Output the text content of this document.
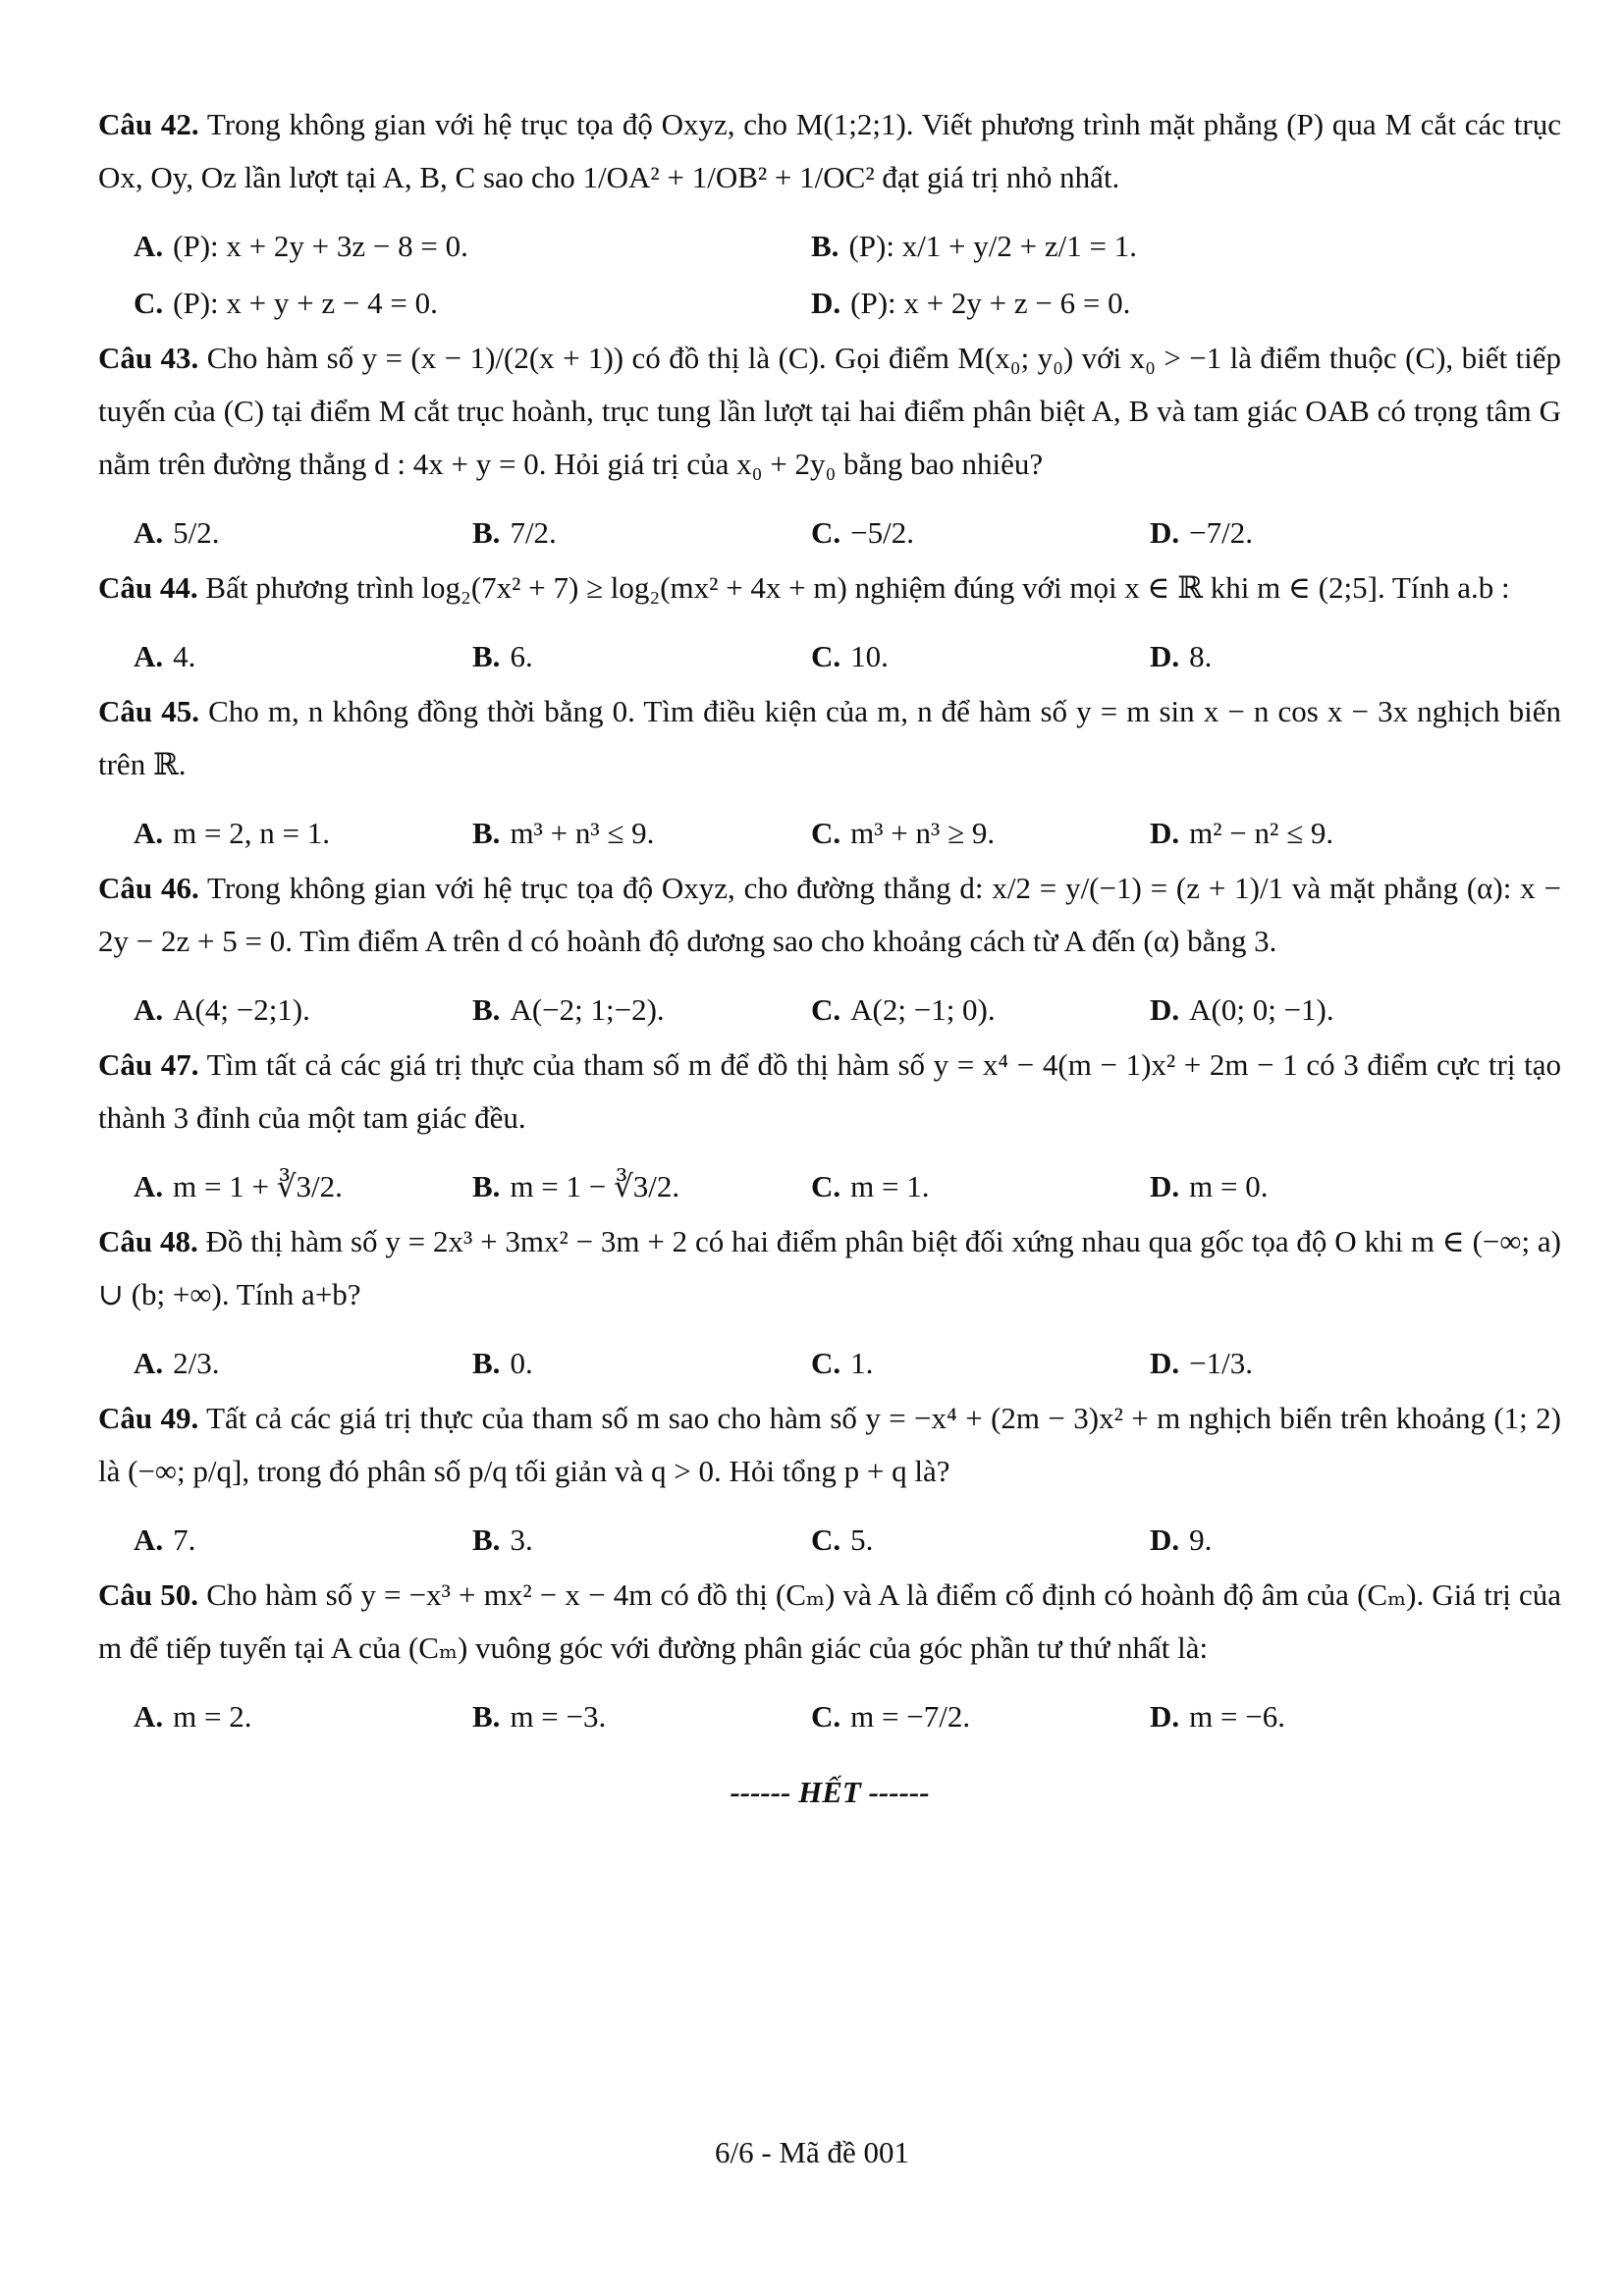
Câu 42. Trong không gian với hệ trục tọa độ Oxyz, cho M(1;2;1). Viết phương trình mặt phẳng (P) qua M cắt các trục Ox, Oy, Oz lần lượt tại A, B, C sao cho 1/OA² + 1/OB² + 1/OC² đạt giá trị nhỏ nhất.
A. (P): x + 2y + 3z − 8 = 0.	B. (P): x/1 + y/2 + z/1 = 1.
C. (P): x + y + z − 4 = 0.	D. (P): x + 2y + z − 6 = 0.
Câu 43. Cho hàm số y = (x − 1)/(2(x + 1)) có đồ thị là (C). Gọi điểm M(x₀; y₀) với x₀ > −1 là điểm thuộc (C), biết tiếp tuyến của (C) tại điểm M cắt trục hoành, trục tung lần lượt tại hai điểm phân biệt A, B và tam giác OAB có trọng tâm G nằm trên đường thẳng d : 4x + y = 0. Hỏi giá trị của x₀ + 2y₀ bằng bao nhiêu?
A. 5/2.	B. 7/2.	C. −5/2.	D. −7/2.
Câu 44. Bất phương trình log₂(7x² + 7) ≥ log₂(mx² + 4x + m) nghiệm đúng với mọi x ∈ ℝ khi m ∈ (2;5]. Tính a.b :
A. 4.	B. 6.	C. 10.	D. 8.
Câu 45. Cho m, n không đồng thời bằng 0. Tìm điều kiện của m, n để hàm số y = m sin x − n cos x − 3x nghịch biến trên ℝ.
A. m = 2, n = 1.	B. m³ + n³ ≤ 9.	C. m³ + n³ ≥ 9.	D. m² − n² ≤ 9.
Câu 46. Trong không gian với hệ trục tọa độ Oxyz, cho đường thẳng d: x/2 = y/(−1) = (z + 1)/1 và mặt phẳng (α): x − 2y − 2z + 5 = 0. Tìm điểm A trên d có hoành độ dương sao cho khoảng cách từ A đến (α) bằng 3.
A. A(4; −2;1).	B. A(−2; 1;−2).	C. A(2; −1; 0).	D. A(0; 0; −1).
Câu 47. Tìm tất cả các giá trị thực của tham số m để đồ thị hàm số y = x⁴ − 4(m − 1)x² + 2m − 1 có 3 điểm cực trị tạo thành 3 đỉnh của một tam giác đều.
A. m = 1 + ∛3/2.	B. m = 1 − ∛3/2.	C. m = 1.	D. m = 0.
Câu 48. Đồ thị hàm số y = 2x³ + 3mx² − 3m + 2 có hai điểm phân biệt đối xứng nhau qua gốc tọa độ O khi m ∈ (−∞; a) ∪ (b; +∞). Tính a+b?
A. 2/3.	B. 0.	C. 1.	D. −1/3.
Câu 49. Tất cả các giá trị thực của tham số m sao cho hàm số y = −x⁴ + (2m − 3)x² + m nghịch biến trên khoảng (1; 2) là (−∞; p/q], trong đó phân số p/q tối giản và q > 0. Hỏi tổng p + q là?
A. 7.	B. 3.	C. 5.	D. 9.
Câu 50. Cho hàm số y = −x³ + mx² − x − 4m có đồ thị (Cₘ) và A là điểm cố định có hoành độ âm của (Cₘ). Giá trị của m để tiếp tuyến tại A của (Cₘ) vuông góc với đường phân giác của góc phần tư thứ nhất là:
A. m = 2.	B. m = −3.	C. m = −7/2.	D. m = −6.
------ HẾT ------
6/6 - Mã đề 001
